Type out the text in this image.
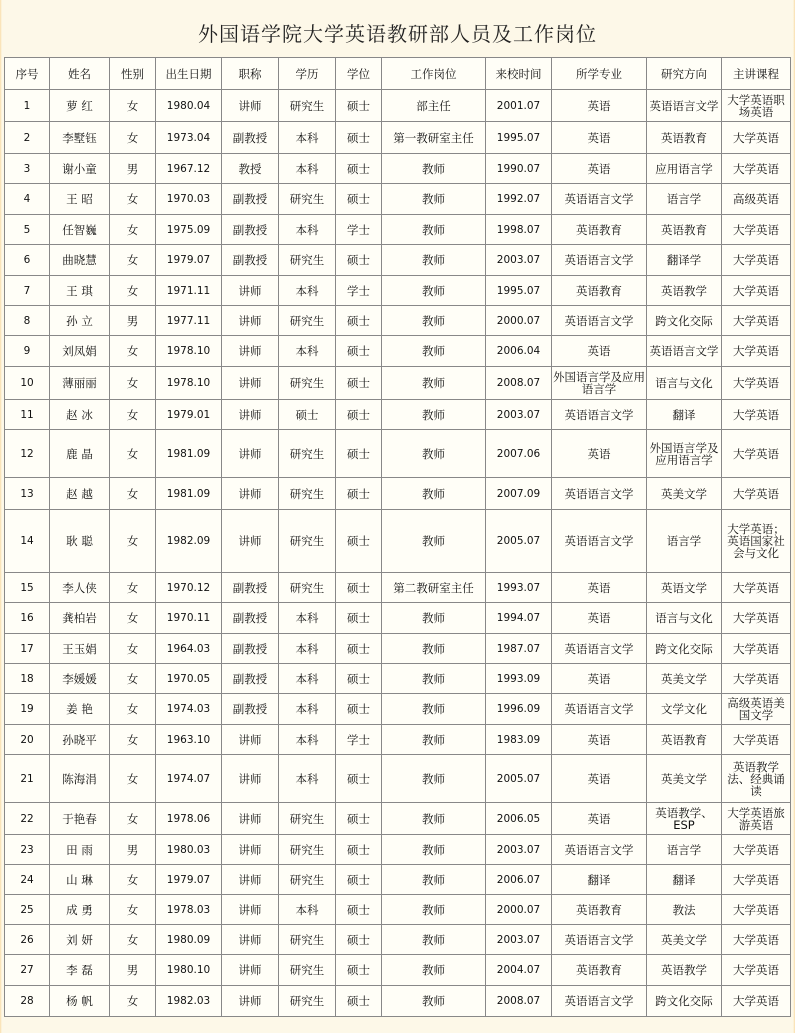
外国语学院大学英语教研部人员及工作岗位
序号	姓名	性别	出生日期	职称	学历	学位	工作岗位	来校时间	所学专业	研究方向	主讲课程
1	萝 红	女	1980.04	讲师	研究生	硕士	部主任	2001.07	英语	英语语言文学	大学英语职场英语
2	李墅钰	女	1973.04	副教授	本科	硕士	第一教研室主任	1995.07	英语	英语教育	大学英语
3	谢小童	男	1967.12	教授	本科	硕士	教师	1990.07	英语	应用语言学	大学英语
4	王 昭	女	1970.03	副教授	研究生	硕士	教师	1992.07	英语语言文学	语言学	高级英语
5	任智巍	女	1975.09	副教授	本科	学士	教师	1998.07	英语教育	英语教育	大学英语
6	曲晓慧	女	1979.07	副教授	研究生	硕士	教师	2003.07	英语语言文学	翻译学	大学英语
7	王 琪	女	1971.11	讲师	本科	学士	教师	1995.07	英语教育	英语教学	大学英语
8	孙 立	男	1977.11	讲师	研究生	硕士	教师	2000.07	英语语言文学	跨文化交际	大学英语
9	刘凤娟	女	1978.10	讲师	本科	硕士	教师	2006.04	英语	英语语言文学	大学英语
10	薄丽丽	女	1978.10	讲师	研究生	硕士	教师	2008.07	外国语言学及应用语言学	语言与文化	大学英语
11	赵 冰	女	1979.01	讲师	硕士	硕士	教师	2003.07	英语语言文学	翻译	大学英语
12	鹿 晶	女	1981.09	讲师	研究生	硕士	教师	2007.06	英语	外国语言学及应用语言学	大学英语
13	赵 越	女	1981.09	讲师	研究生	硕士	教师	2007.09	英语语言文学	英美文学	大学英语
14	耿 聪	女	1982.09	讲师	研究生	硕士	教师	2005.07	英语语言文学	语言学	大学英语；英语国家社会与文化
15	李人侠	女	1970.12	副教授	研究生	硕士	第二教研室主任	1993.07	英语	英语文学	大学英语
16	龚柏岩	女	1970.11	副教授	本科	硕士	教师	1994.07	英语	语言与文化	大学英语
17	王玉娟	女	1964.03	副教授	本科	硕士	教师	1987.07	英语语言文学	跨文化交际	大学英语
18	李媛媛	女	1970.05	副教授	本科	硕士	教师	1993.09	英语	英美文学	大学英语
19	姜 艳	女	1974.03	副教授	本科	硕士	教师	1996.09	英语语言文学	文学文化	高级英语美国文学
20	孙晓平	女	1963.10	讲师	本科	学士	教师	1983.09	英语	英语教育	大学英语
21	陈海涓	女	1974.07	讲师	本科	硕士	教师	2005.07	英语	英美文学	英语教学法、经典诵读
22	于艳春	女	1978.06	讲师	研究生	硕士	教师	2006.05	英语	英语教学、ESP	大学英语旅游英语
23	田 雨	男	1980.03	讲师	研究生	硕士	教师	2003.07	英语语言文学	语言学	大学英语
24	山 琳	女	1979.07	讲师	研究生	硕士	教师	2006.07	翻译	翻译	大学英语
25	成 勇	女	1978.03	讲师	本科	硕士	教师	2000.07	英语教育	教法	大学英语
26	刘 妍	女	1980.09	讲师	研究生	硕士	教师	2003.07	英语语言文学	英美文学	大学英语
27	李 磊	男	1980.10	讲师	研究生	硕士	教师	2004.07	英语教育	英语教学	大学英语
28	杨 帆	女	1982.03	讲师	研究生	硕士	教师	2008.07	英语语言文学	跨文化交际	大学英语
